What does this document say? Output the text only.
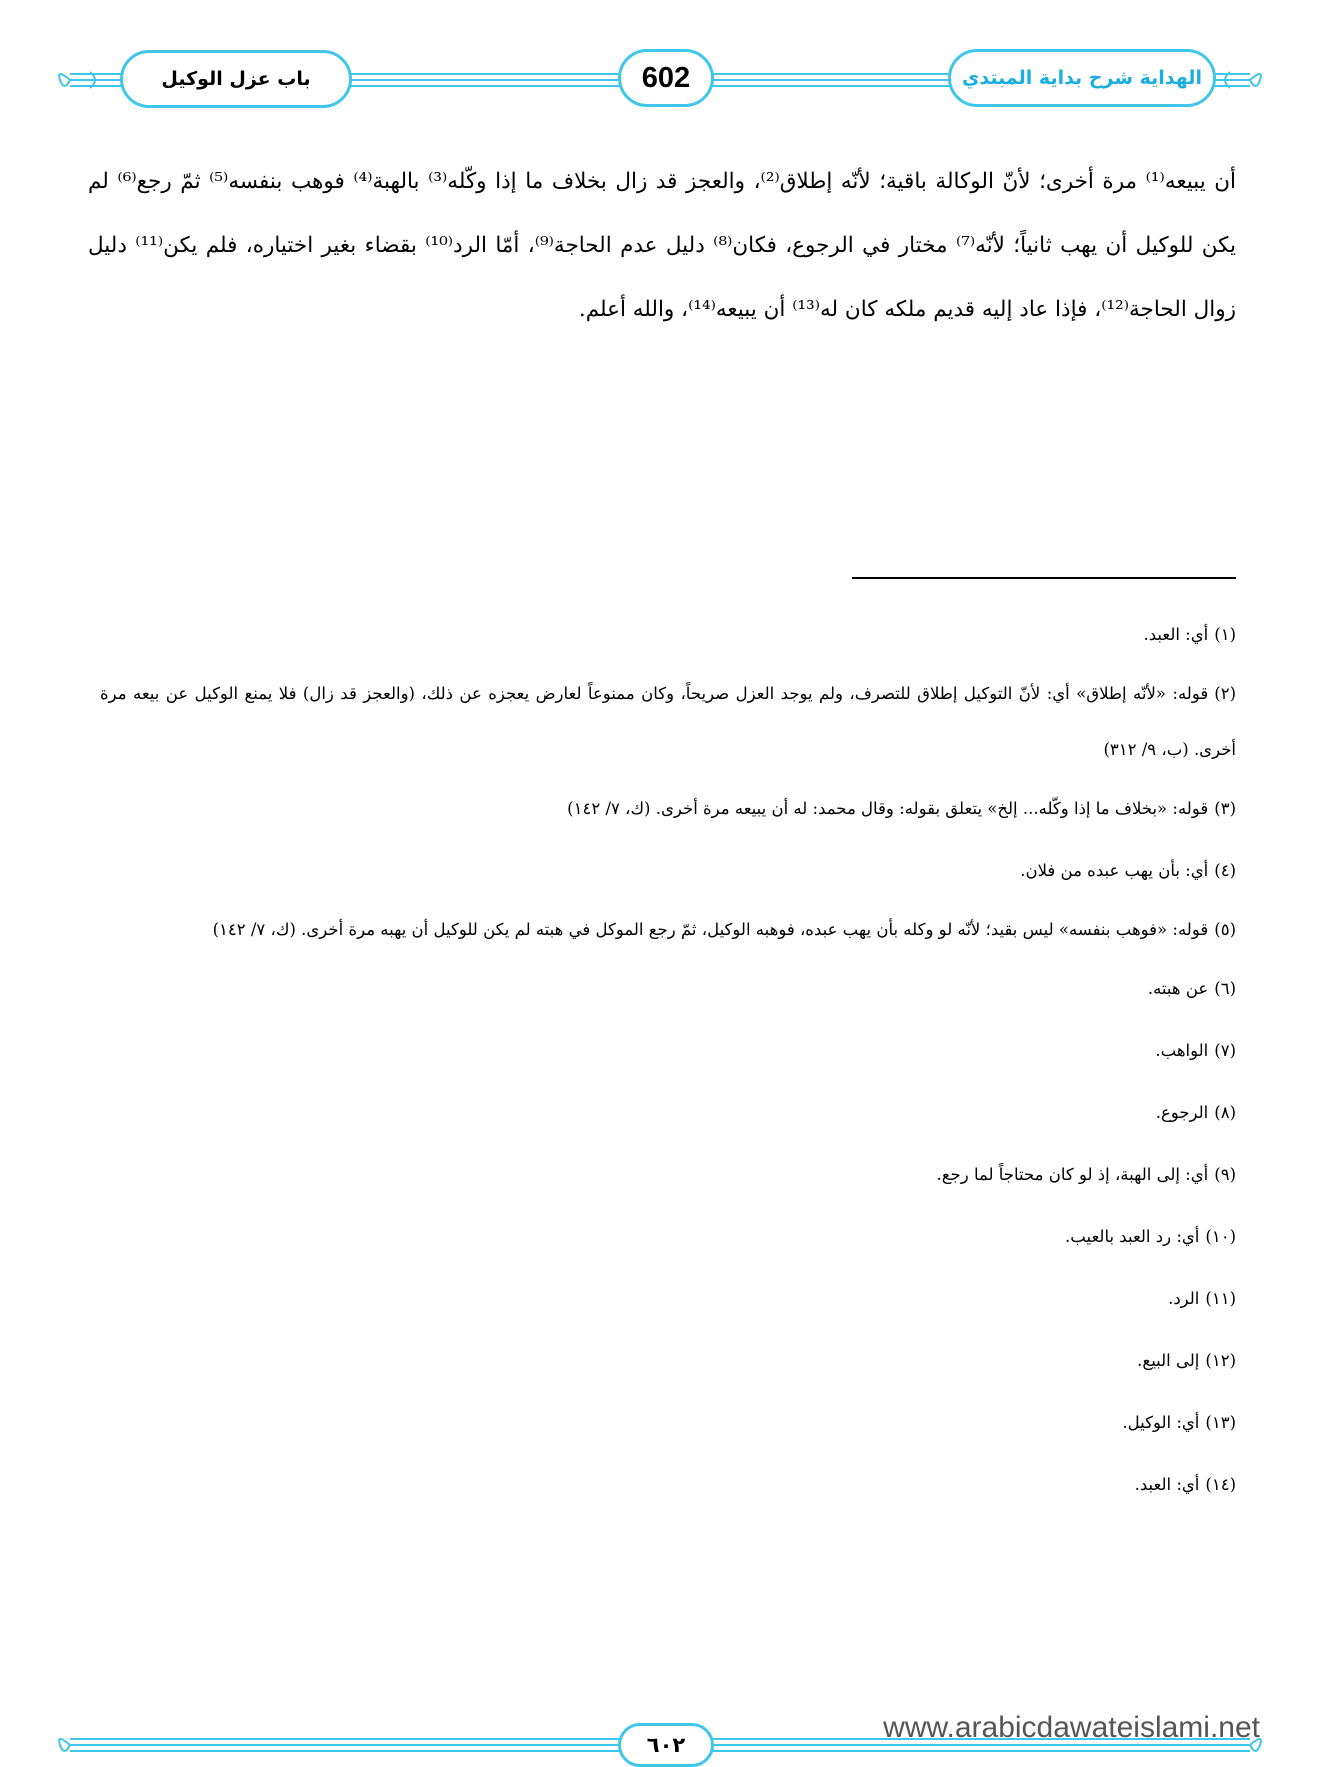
باب عزل الوكيل	602	الهداية شرح بداية المبتدي
أن يبيعه⁽¹⁾ مرة أخرى؛ لأنّ الوكالة باقية؛ لأنّه إطلاق⁽²⁾، والعجز قد زال بخلاف ما إذا وكّله⁽³⁾ بالهبة⁽⁴⁾ فوهب بنفسه⁽⁵⁾ ثمّ رجع⁽⁶⁾ لم يكن للوكيل أن يهب ثانياً؛ لأنّه⁽⁷⁾ مختار في الرجوع، فكان⁽⁸⁾ دليل عدم الحاجة⁽⁹⁾، أمّا الرد⁽¹⁰⁾ بقضاء بغير اختياره، فلم يكن⁽¹¹⁾ دليل زوال الحاجة⁽¹²⁾، فإذا عاد إليه قديم ملكه كان له⁽¹³⁾ أن يبيعه⁽¹⁴⁾، والله أعلم.
(١)أي: العبد.
(٢)قوله: «لأنّه إطلاق» أي: لأنّ التوكيل إطلاق للتصرف، ولم يوجد العزل صريحاً، وكان ممنوعاً لعارض يعجزه عن ذلك، (والعجز قد زال) فلا يمنع الوكيل عن بيعه مرة أخرى. (ب، ٩/ ٣١٢)
(٣)قوله: «بخلاف ما إذا وكّله... إلخ» يتعلق بقوله: وقال محمد: له أن يبيعه مرة أخرى. (ك، ٧/ ١٤٢)
(٤)أي: بأن يهب عبده من فلان.
(٥)قوله: «فوهب بنفسه» ليس بقيد؛ لأنّه لو وكله بأن يهب عبده، فوهبه الوكيل، ثمّ رجع الموكل في هبته لم يكن للوكيل أن يهبه مرة أخرى. (ك، ٧/ ١٤٢)
(٦)عن هبته.
(٧)الواهب.
(٨)الرجوع.
(٩)أي: إلى الهبة، إذ لو كان محتاجاً لما رجع.
(١٠)أي: رد العبد بالعيب.
(١١)الرد.
(١٢)إلى البيع.
(١٣)أي: الوكيل.
(١٤)أي: العبد.
٦٠٢
www.arabicdawateislami.net
